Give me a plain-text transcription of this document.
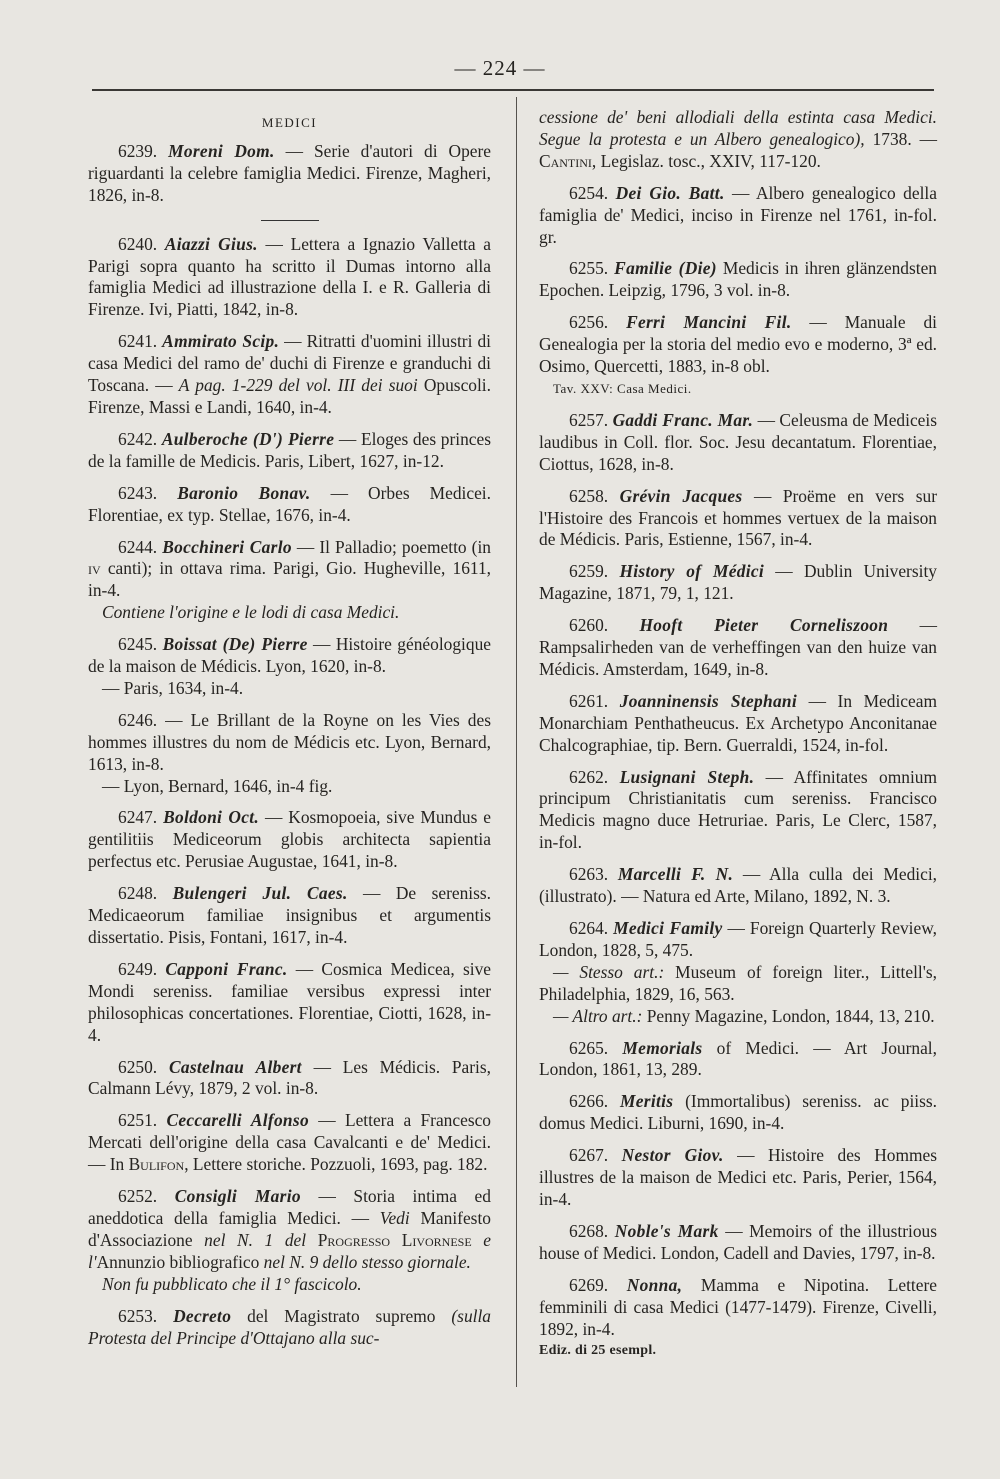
— 224 —
MEDICI

6239. Moreni Dom. — Serie d'autori di Opere riguardanti la celebre famiglia Medici. Firenze, Magheri, 1826, in-8.

6240. Aiazzi Gius. — Lettera a Ignazio Valletta a Parigi sopra quanto ha scritto il Dumas intorno alla famiglia Medici ad illustrazione della I. e R. Galleria di Firenze. Ivi, Piatti, 1842, in-8.

6241. Ammirato Scip. — Ritratti d'uomini illustri di casa Medici del ramo de' duchi di Firenze e granduchi di Toscana. — A pag. 1-229 del vol. III dei suoi Opuscoli. Firenze, Massi e Landi, 1640, in-4.

6242. Aulberoche (D') Pierre — Eloges des princes de la famille de Medicis. Paris, Libert, 1627, in-12.

6243. Baronio Bonav. — Orbes Medicei. Florentiae, ex typ. Stellae, 1676, in-4.

6244. Bocchineri Carlo — Il Palladio; poemetto (in iv canti); in ottava rima. Parigi, Gio. Hugheville, 1611, in-4.

Contiene l'origine e le lodi di casa Medici.

6245. Boissat (De) Pierre — Histoire généologique de la maison de Médicis. Lyon, 1620, in-8.

— Paris, 1634, in-4.

6246. — Le Brillant de la Royne on les Vies des hommes illustres du nom de Médicis etc. Lyon, Bernard, 1613, in-8.

— Lyon, Bernard, 1646, in-4 fig.

6247. Boldoni Oct. — Kosmopoeia, sive Mundus e gentilitiis Mediceorum globis architecta sapientia perfectus etc. Perusiae Augustae, 1641, in-8.

6248. Bulengeri Jul. Caes. — De sereniss. Medicaeorum familiae insignibus et argumentis dissertatio. Pisis, Fontani, 1617, in-4.

6249. Capponi Franc. — Cosmica Medicea, sive Mondi sereniss. familiae versibus expressi inter philosophicas concertationes. Florentiae, Ciotti, 1628, in-4.

6250. Castelnau Albert — Les Médicis. Paris, Calmann Lévy, 1879, 2 vol. in-8.

6251. Ceccarelli Alfonso — Lettera a Francesco Mercati dell'origine della casa Cavalcanti e de' Medici. — In Bulifon, Lettere storiche. Pozzuoli, 1693, pag. 182.

6252. Consigli Mario — Storia intima ed aneddotica della famiglia Medici. — Vedi Manifesto d'Associazione nel N. 1 del Progresso Livornese e l'Annunzio bibliografico nel N. 9 dello stesso giornale.

Non fu pubblicato che il 1° fascicolo.

6253. Decreto del Magistrato supremo (sulla Protesta del Principe d'Ottajano alla suc-

cessione de' beni allodiali della estinta casa Medici. Segue la protesta e un Albero genealogico), 1738. — Cantini, Legislaz. tosc., XXIV, 117-120.

6254. Dei Gio. Batt. — Albero genealogico della famiglia de' Medici, inciso in Firenze nel 1761, in-fol. gr.

6255. Familie (Die) Medicis in ihren glänzendsten Epochen. Leipzig, 1796, 3 vol. in-8.

6256. Ferri Mancini Fil. — Manuale di Genealogia per la storia del medio evo e moderno, 3ª ed. Osimo, Quercetti, 1883, in-8 obl.

Tav. XXV: Casa Medici.

6257. Gaddi Franc. Mar. — Celeusma de Mediceis laudibus in Coll. flor. Soc. Jesu decantatum. Florentiae, Ciottus, 1628, in-8.

6258. Grévin Jacques — Proëme en vers sur l'Histoire des Francois et hommes vertuex de la maison de Médicis. Paris, Estienne, 1567, in-4.

6259. History of Médici — Dublin University Magazine, 1871, 79, 1, 121.

6260. Hooft Pieter Corneliszoon — Rampsalігheden van de verheffingen van den huize van Médicis. Amsterdam, 1649, in-8.

6261. Joanninensis Stephani — In Mediceam Monarchiam Penthatheucus. Ex Archetypo Anconitanae Chalcographiae, tip. Bern. Guerraldi, 1524, in-fol.

6262. Lusignani Steph. — Affinitates omnium principum Christianitatis cum sereniss. Francisco Medicis magno duce Hetruriae. Paris, Le Clerc, 1587, in-fol.

6263. Marcelli F. N. — Alla culla dei Medici, (illustrato). — Natura ed Arte, Milano, 1892, N. 3.

6264. Medici Family — Foreign Quarterly Review, London, 1828, 5, 475.

— Stesso art.: Museum of foreign liter., Littell's, Philadelphia, 1829, 16, 563.

— Altro art.: Penny Magazine, London, 1844, 13, 210.

6265. Memorials of Medici. — Art Journal, London, 1861, 13, 289.

6266. Meritis (Immortalibus) sereniss. ac piiss. domus Medici. Liburni, 1690, in-4.

6267. Nestor Giov. — Histoire des Hommes illustres de la maison de Medici etc. Paris, Perier, 1564, in-4.

6268. Noble's Mark — Memoirs of the illustrious house of Medici. London, Cadell and Davies, 1797, in-8.

6269. Nonna, Mamma e Nipotina. Lettere femminili di casa Medici (1477-1479). Firenze, Civelli, 1892, in-4.

Ediz. di 25 esempl.
